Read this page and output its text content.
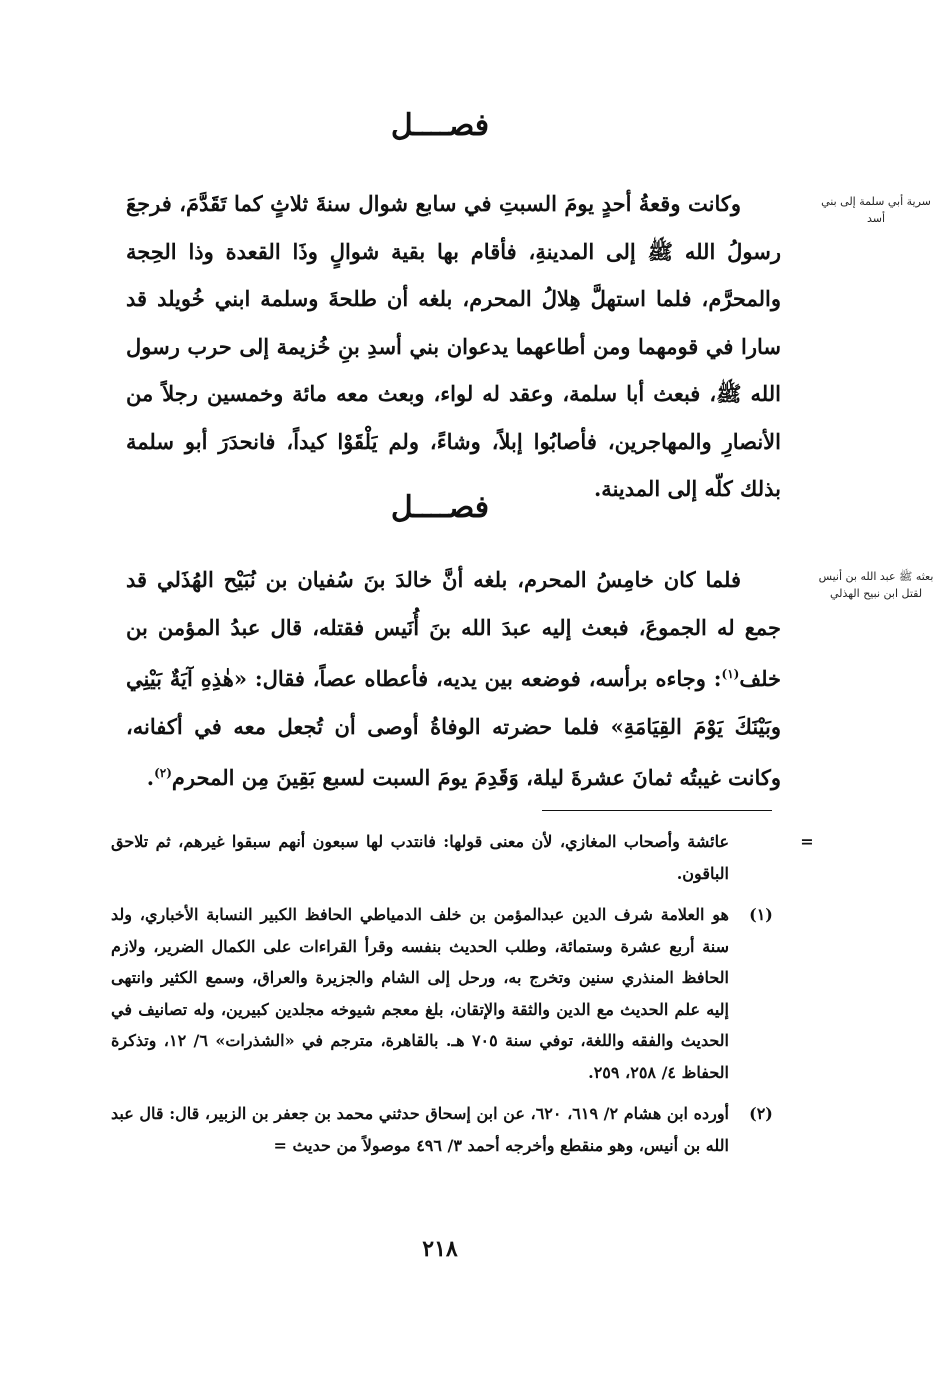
فصــــل
سرية أبي سلمة إلى بني أسد

وكانت وقعةُ أحدٍ يومَ السبتِ في سابع شوال سنةَ ثلاثٍ كما تَقَدَّمَ، فرجعَ رسولُ الله ﷺ إلى المدينةِ، فأقام بها بقية شوالٍ وذَا القعدة وذا الحِجة والمحرَّم، فلما استهلَّ هِلالُ المحرم، بلغه أن طلحةَ وسلمة ابني خُويلد قد سارا في قومهما ومن أطاعهما يدعوان بني أسدِ بنِ خُزيمة إلى حرب رسول الله ﷺ، فبعث أبا سلمة، وعقد له لواء، وبعث معه مائة وخمسين رجلاً من الأنصارِ والمهاجرين، فأصابُوا إبلاً، وشاءً، ولم يَلْقَوْا كيداً، فانحدَرَ أبو سلمة بذلك كلّه إلى المدينة.

فصــــل
بعثه ﷺ عبد الله بن أنيس لقتل ابن نبيح الهذلي

فلما كان خامِسُ المحرم، بلغه أنَّ خالدَ بنَ سُفيان بن نُبَيْح الهُذَلي قد جمع له الجموعَ، فبعث إليه عبدَ الله بنَ أُنَيس فقتله، قال عبدُ المؤمن بن خلف$^{(١)}$: وجاءه برأسه، فوضعه بين يديه، فأعطاه عصاً، فقال: «هٰذِهِ آيَةٌ بَيْنِي وبَيْنَكَ يَوْمَ القِيَامَةِ» فلما حضرته الوفاةُ أوصى أن تُجعل معه في أكفانه، وكانت غيبتُه ثمانَ عشرةَ ليلة، وَقَدِمَ يومَ السبت لسبع بَقِينَ مِن المحرم$^{(٢)}$.

=
عائشة وأصحاب المغازي، لأن معنى قولها: فانتدب لها سبعون أنهم سبقوا غيرهم، ثم تلاحق الباقون.
(١)
هو العلامة شرف الدين عبدالمؤمن بن خلف الدمياطي الحافظ الكبير النسابة الأخباري، ولد سنة أربع عشرة وستمائة، وطلب الحديث بنفسه وقرأ القراءات على الكمال الضرير، ولازم الحافظ المنذري سنين وتخرج به، ورحل إلى الشام والجزيرة والعراق، وسمع الكثير وانتهى إليه علم الحديث مع الدين والثقة والإتقان، بلغ معجم شيوخه مجلدين كبيرين، وله تصانيف في الحديث والفقه واللغة، توفي سنة ٧٠٥ هـ. بالقاهرة، مترجم في «الشذرات» ٦/ ١٢، وتذكرة الحفاظ ٤/ ٢٥٨، ٢٥٩.
(٢)
أورده ابن هشام ٢/ ٦١٩، ٦٢٠، عن ابن إسحاق حدثني محمد بن جعفر بن الزبير، قال: قال عبد الله بن أنيس، وهو منقطع وأخرجه أحمد ٣/ ٤٩٦ موصولاً من حديث =
٢١٨
